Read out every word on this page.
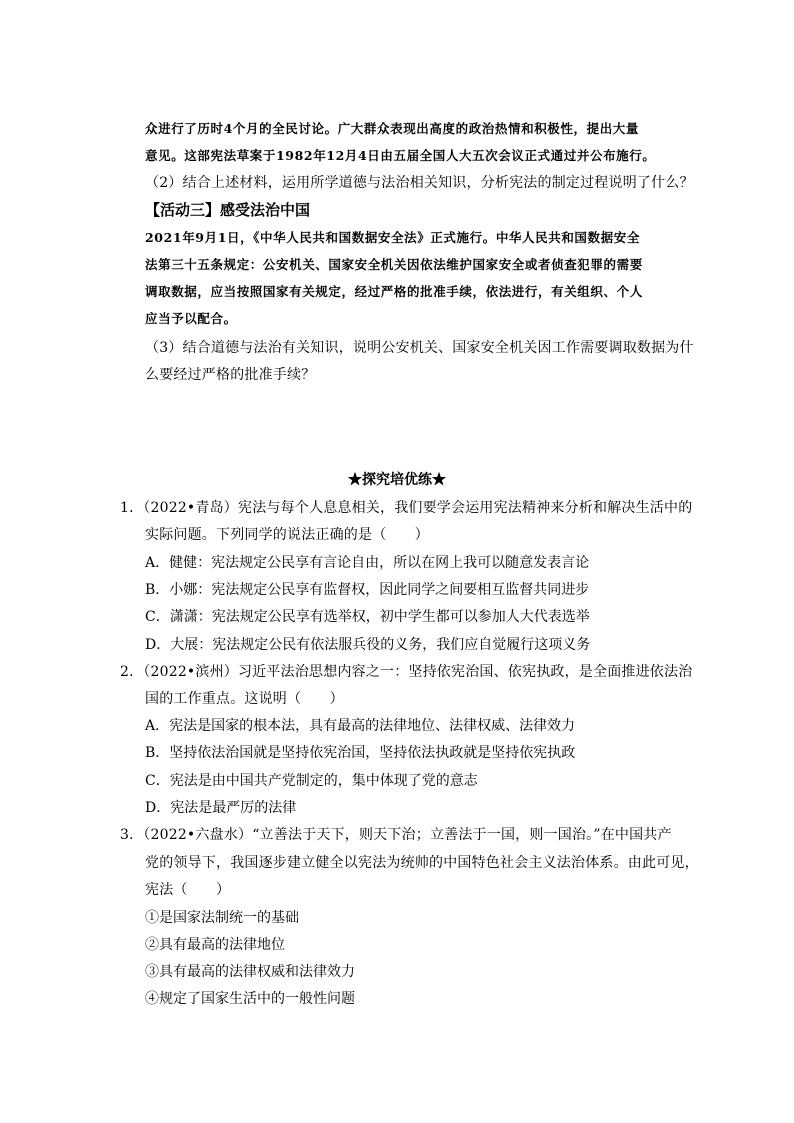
众进行了历时4个月的全民讨论。广大群众表现出高度的政治热情和积极性，提出大量
意见。这部宪法草案于1982年12月4日由五届全国人大五次会议正式通过并公布施行。
（2）结合上述材料，运用所学道德与法治相关知识，分析宪法的制定过程说明了什么？
【活动三】感受法治中国
2021年9月1日，《中华人民共和国数据安全法》正式施行。中华人民共和国数据安全
法第三十五条规定：公安机关、国家安全机关因依法维护国家安全或者侦查犯罪的需要
调取数据，应当按照国家有关规定，经过严格的批准手续，依法进行，有关组织、个人
应当予以配合。
（3）结合道德与法治有关知识，说明公安机关、国家安全机关因工作需要调取数据为什
么要经过严格的批准手续？
★探究培优练★
1．（2022•青岛）宪法与每个人息息相关，我们要学会运用宪法精神来分析和解决生活中的
实际问题。下列同学的说法正确的是（　　）
A．健健：宪法规定公民享有言论自由，所以在网上我可以随意发表言论
B．小娜：宪法规定公民享有监督权，因此同学之间要相互监督共同进步
C．潇潇：宪法规定公民享有选举权，初中学生都可以参加人大代表选举
D．大展：宪法规定公民有依法服兵役的义务，我们应自觉履行这项义务
2．（2022•滨州）习近平法治思想内容之一：坚持依宪治国、依宪执政，是全面推进依法治
国的工作重点。这说明（　　）
A．宪法是国家的根本法，具有最高的法律地位、法律权威、法律效力
B．坚持依法治国就是坚持依宪治国，坚持依法执政就是坚持依宪执政
C．宪法是由中国共产党制定的，集中体现了党的意志
D．宪法是最严厉的法律
3．（2022•六盘水）“立善法于天下，则天下治；立善法于一国，则一国治。”在中国共产
党的领导下，我国逐步建立健全以宪法为统帅的中国特色社会主义法治体系。由此可见，
宪法（　　）
①是国家法制统一的基础
②具有最高的法律地位
③具有最高的法律权威和法律效力
④规定了国家生活中的一般性问题
